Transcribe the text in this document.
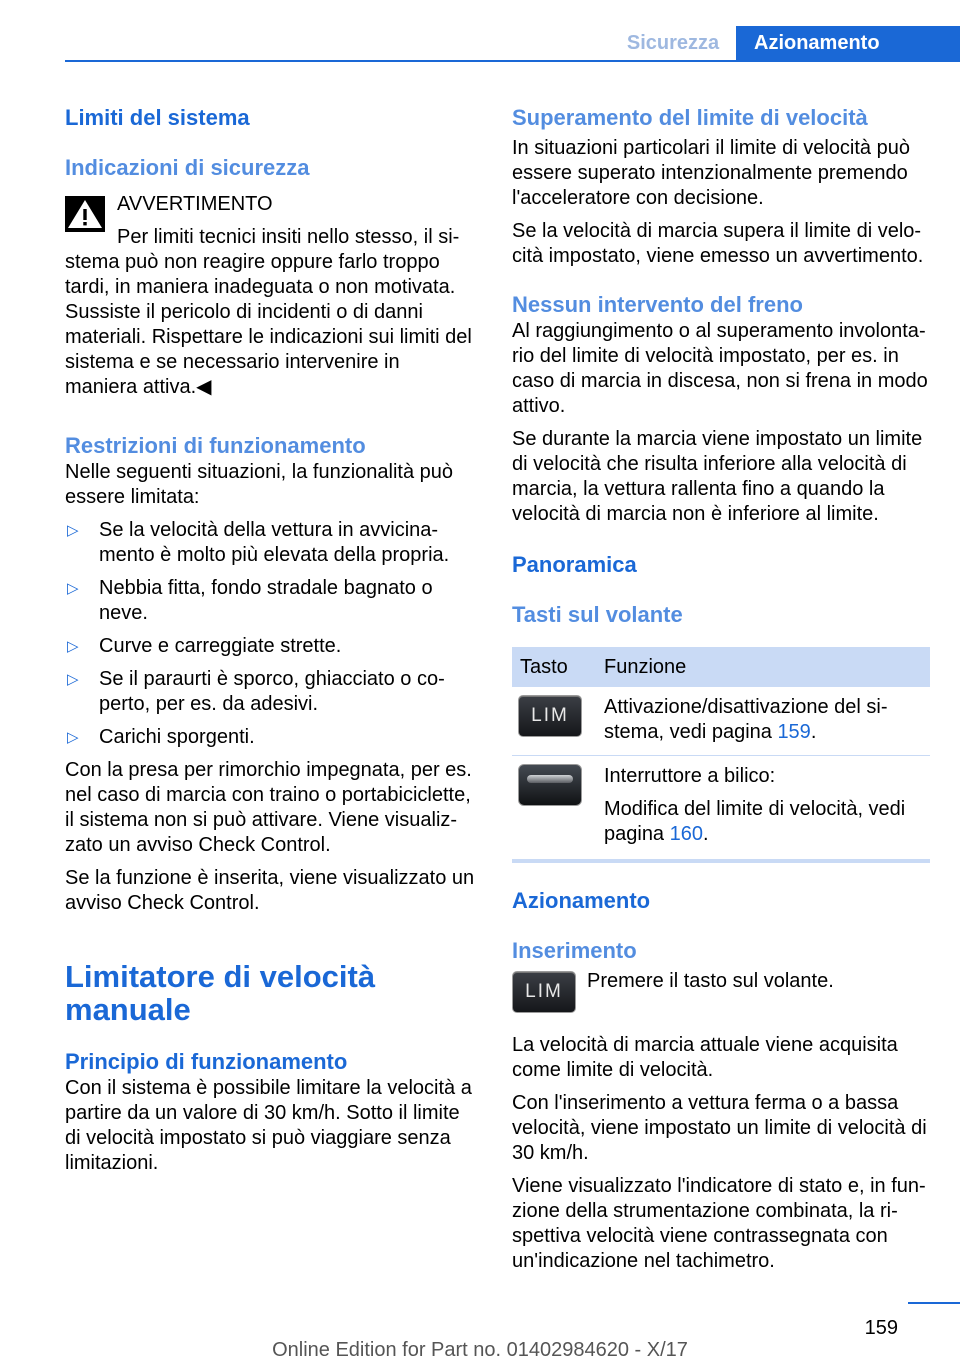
Sicurezza	Azionamento
Limiti del sistema
Indicazioni di sicurezza
AVVERTIMENTO
Per limiti tecnici insiti nello stesso, il sistema può non reagire oppure farlo troppo tardi, in maniera inadeguata o non motivata. Sussiste il pericolo di incidenti o di danni materiali. Rispettare le indicazioni sui limiti del sistema e se necessario intervenire in maniera attiva.◀
Restrizioni di funzionamento

Nelle seguenti situazioni, la funzionalità può essere limitata:

▷ Se la velocità della vettura in avvicinamento è molto più elevata della propria.
▷ Nebbia fitta, fondo stradale bagnato o neve.
▷ Curve e carreggiate strette.
▷ Se il paraurti è sporco, ghiacciato o coperto, per es. da adesivi.
▷ Carichi sporgenti.

Con la presa per rimorchio impegnata, per es. nel caso di marcia con traino o portabiciclette, il sistema non si può attivare. Viene visualizzato un avviso Check Control.

Se la funzione è inserita, viene visualizzato un avviso Check Control.

Limitatore di velocità manuale
Principio di funzionamento

Con il sistema è possibile limitare la velocità a partire da un valore di 30 km/h. Sotto il limite di velocità impostato si può viaggiare senza limitazioni.

Superamento del limite di velocità

In situazioni particolari il limite di velocità può essere superato intenzionalmente premendo l'acceleratore con decisione.

Se la velocità di marcia supera il limite di velocità impostato, viene emesso un avvertimento.

Nessun intervento del freno

Al raggiungimento o al superamento involontario del limite di velocità impostato, per es. in caso di marcia in discesa, non si frena in modo attivo.

Se durante la marcia viene impostato un limite di velocità che risulta inferiore alla velocità di marcia, la vettura rallenta fino a quando la velocità di marcia non è inferiore al limite.

Panoramica
Tasti sul volante
Tasto	Funzione

LIM	Attivazione/disattivazione del sistema, vedi pagina 159.

	Interruttore a bilico:
Modifica del limite di velocità, vedi pagina 160.
Azionamento
Inserimento
LIM	Premere il tasto sul volante.

La velocità di marcia attuale viene acquisita come limite di velocità.

Con l'inserimento a vettura ferma o a bassa velocità, viene impostato un limite di velocità di 30 km/h.

Viene visualizzato l'indicatore di stato e, in funzione della strumentazione combinata, la rispettiva velocità viene contrassegnata con un'indicazione nel tachimetro.

159
Online Edition for Part no. 01402984620 - X/17
